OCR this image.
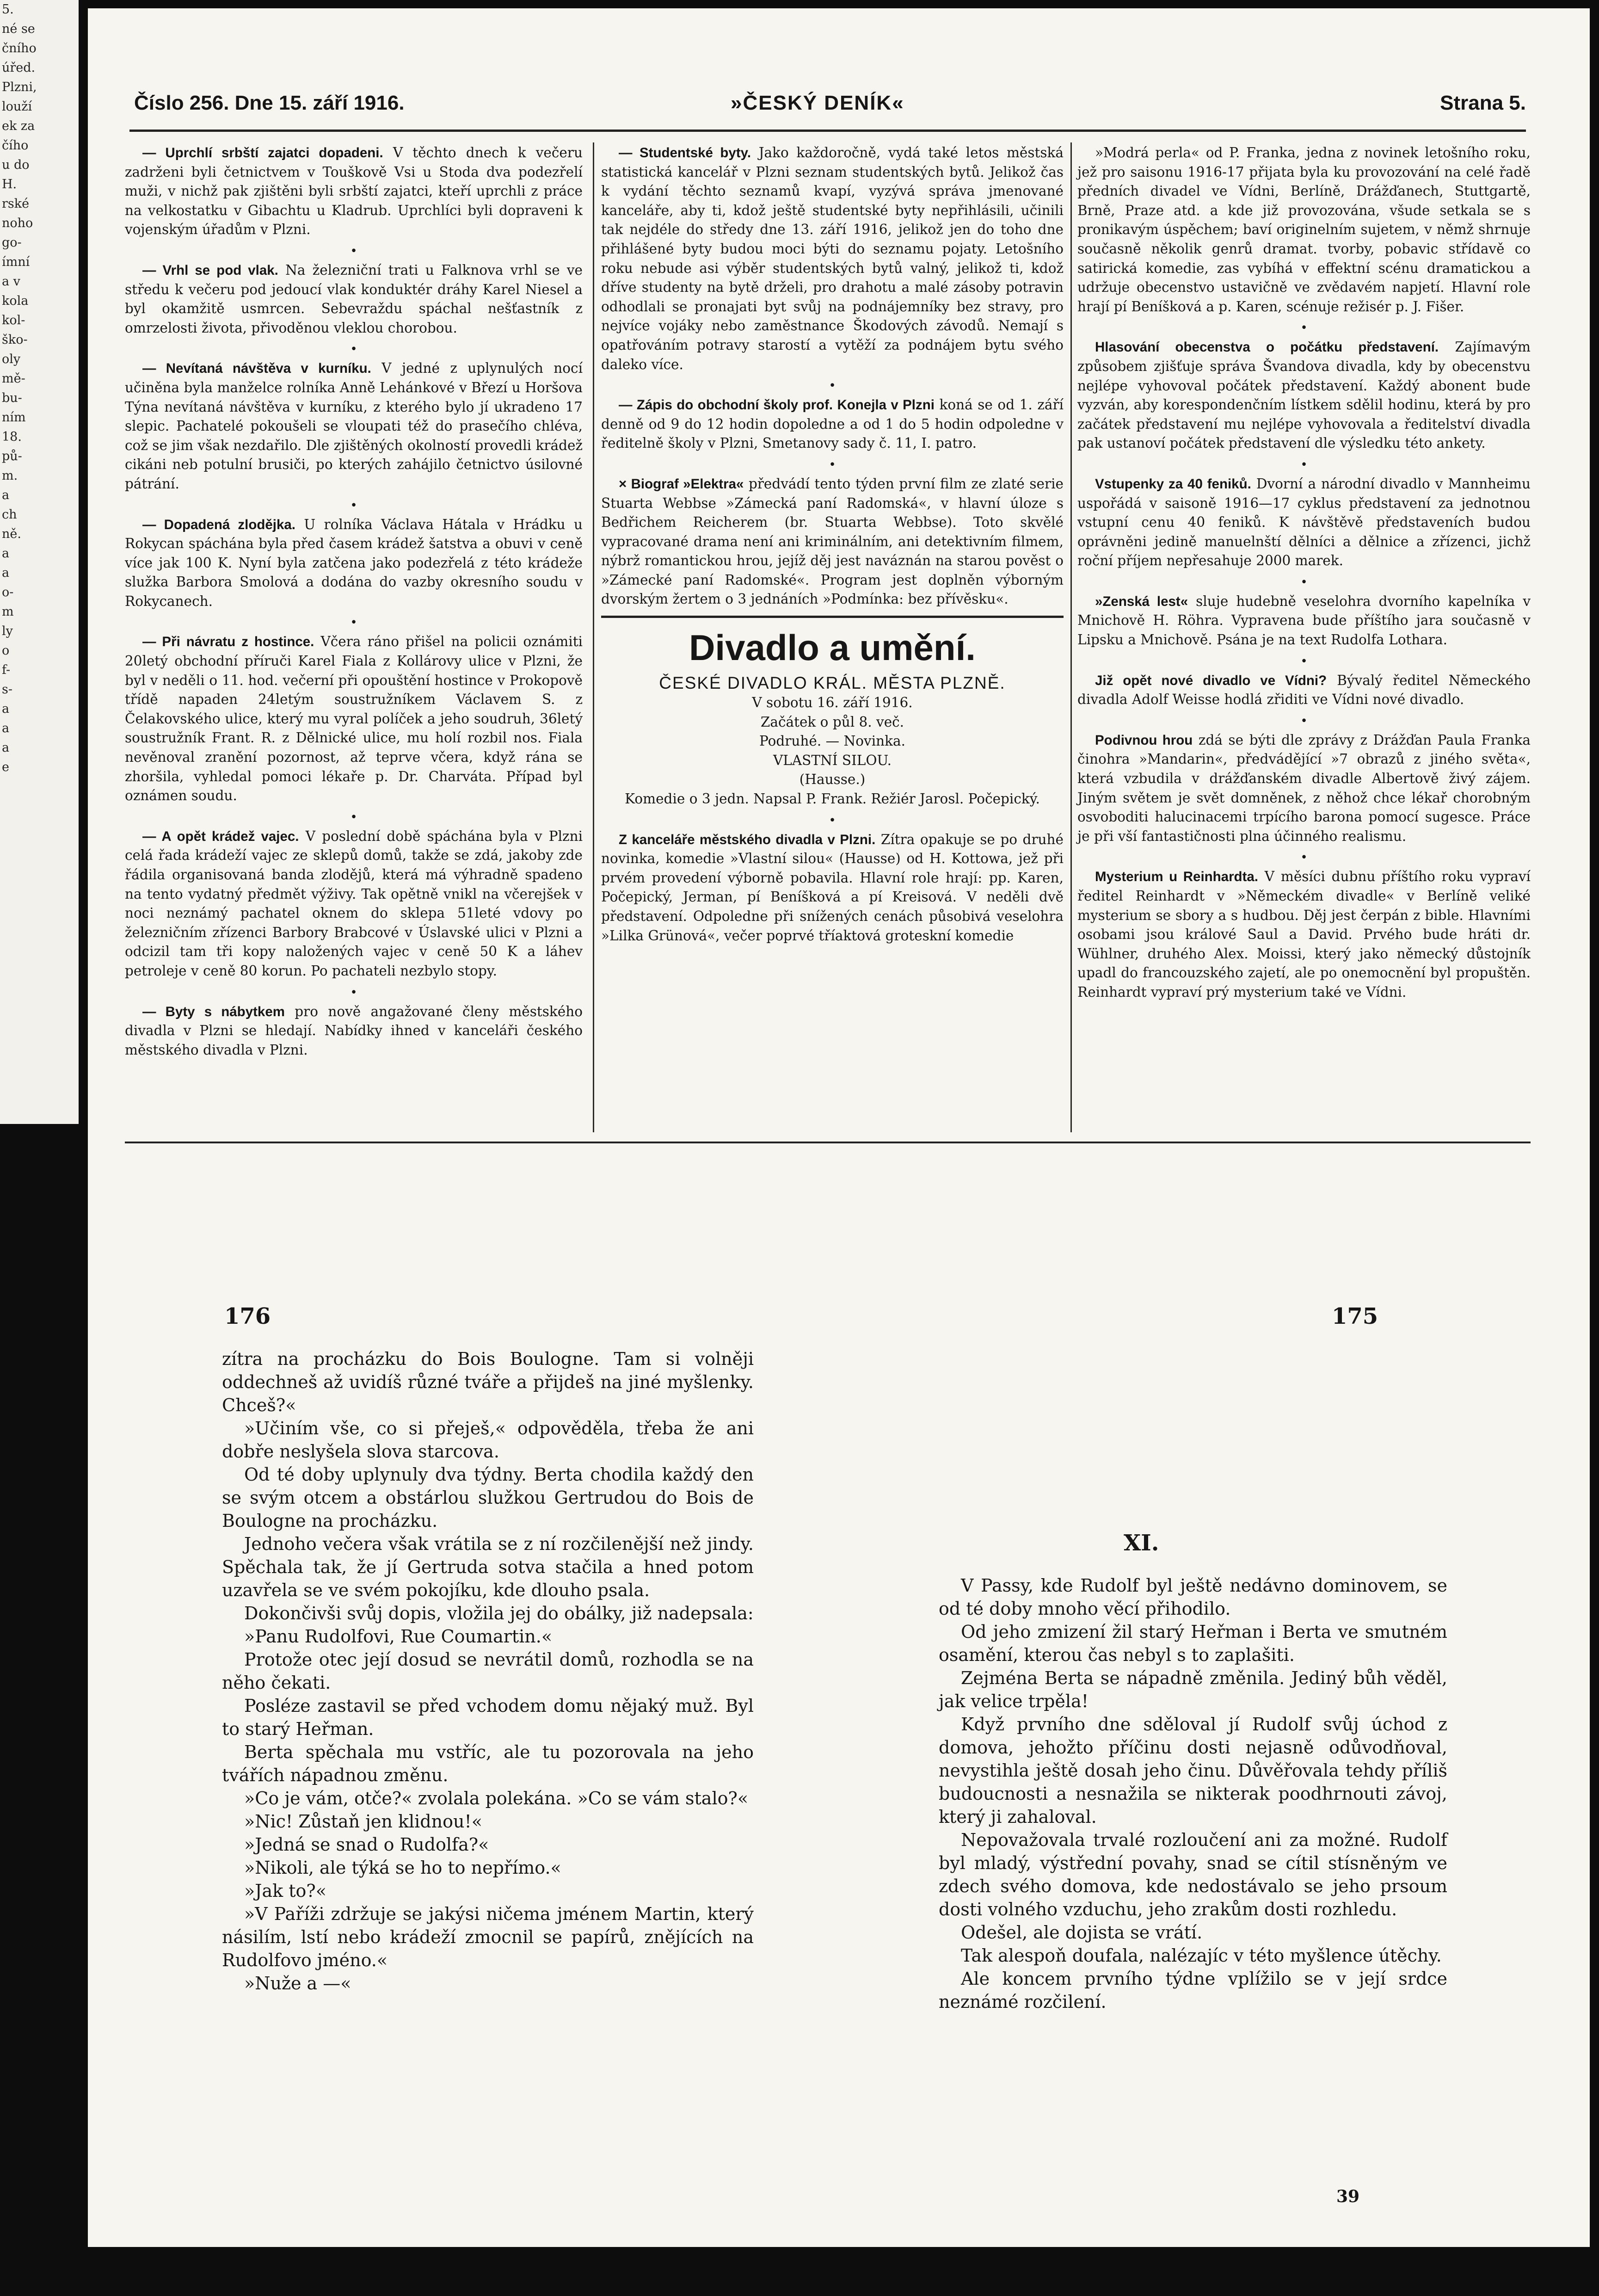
5.
né se
čního
úřed.
Plzni,
louží
ek za
čího
u do
H.
rské
noho
go-
ímní
a v
kola
kol-
ško-
oly
mě-
bu-
ním
18.
pů-
m.
a
ch
ně.
a
a
o-
m
ly
o
f-
s-
a
a
a
e
Číslo 256. Dne 15. září 1916.	»ČESKÝ DENÍK«	Strana 5.

— Uprchlí srbští zajatci dopadeni. V těchto dnech k večeru zadrženi byli četnictvem v Touškově Vsi u Stoda dva podezřelí muži, v nichž pak zjištěni byli srbští zajatci, kteří uprchli z práce na velkostatku v Gibachtu u Kladrub. Uprchlíci byli dopraveni k vojenským úřadům v Plzni.

•

— Vrhl se pod vlak. Na železniční trati u Falknova vrhl se ve středu k večeru pod jedoucí vlak konduktér dráhy Karel Niesel a byl okamžitě usmrcen. Sebevraždu spáchal nešťastník z omrzelosti života, přivoděnou vleklou chorobou.

•

— Nevítaná návštěva v kurníku. V jedné z uplynulých nocí učiněna byla manželce rolníka Anně Lehánkové v Březí u Horšova Týna nevítaná návštěva v kurníku, z kterého bylo jí ukradeno 17 slepic. Pachatelé pokoušeli se vloupati též do prasečího chléva, což se jim však nezdařilo. Dle zjištěných okolností provedli krádež cikáni neb potulní brusiči, po kterých zahájilo četnictvo úsilovné pátrání.

•

— Dopadená zlodějka. U rolníka Václava Hátala v Hrádku u Rokycan spáchána byla před časem krádež šatstva a obuvi v ceně více jak 100 K. Nyní byla zatčena jako podezřelá z této krádeže služka Barbora Smolová a dodána do vazby okresního soudu v Rokycanech.

•

— Při návratu z hostince. Včera ráno přišel na policii oznámiti 20letý obchodní příruči Karel Fiala z Kollárovy ulice v Plzni, že byl v neděli o 11. hod. večerní při opouštění hostince v Prokopově třídě napaden 24letým soustružníkem Václavem S. z Čelakovského ulice, který mu vyral políček a jeho soudruh, 36letý soustružník Frant. R. z Dělnické ulice, mu holí rozbil nos. Fiala nevěnoval zranění pozornost, až teprve včera, když rána se zhoršila, vyhledal pomoci lékaře p. Dr. Charváta. Případ byl oznámen soudu.

•

— A opět krádež vajec. V poslední době spáchána byla v Plzni celá řada krádeží vajec ze sklepů domů, takže se zdá, jakoby zde řádila organisovaná banda zlodějů, která má výhradně spadeno na tento vydatný předmět výživy. Tak opětně vnikl na včerejšek v noci neznámý pachatel oknem do sklepa 51leté vdovy po železničním zřízenci Barbory Brabcové v Úslavské ulici v Plzni a odcizil tam tři kopy naložených vajec v ceně 50 K a láhev petroleje v ceně 80 korun. Po pachateli nezbylo stopy.

•

— Byty s nábytkem pro nově angažované členy městského divadla v Plzni se hledají. Nabídky ihned v kanceláři českého městského divadla v Plzni.

— Studentské byty. Jako každoročně, vydá také letos městská statistická kancelář v Plzni seznam studentských bytů. Jelikož čas k vydání těchto seznamů kvapí, vyzývá správa jmenované kanceláře, aby ti, kdož ještě studentské byty nepřihlásili, učinili tak nejdéle do středy dne 13. září 1916, jelikož jen do toho dne přihlášené byty budou moci býti do seznamu pojaty. Letošního roku nebude asi výběr studentských bytů valný, jelikož ti, kdož dříve studenty na bytě drželi, pro drahotu a malé zásoby potravin odhodlali se pronajati byt svůj na podnájemníky bez stravy, pro nejvíce vojáky nebo zaměstnance Škodových závodů. Nemají s opatřováním potravy starostí a vytěží za podnájem bytu svého daleko více.

•

— Zápis do obchodní školy prof. Konejla v Plzni koná se od 1. září denně od 9 do 12 hodin dopoledne a od 1 do 5 hodin odpoledne v ředitelně školy v Plzni, Smetanovy sady č. 11, I. patro.

•

× Biograf »Elektra« předvádí tento týden první film ze zlaté serie Stuarta Webbse »Zámecká paní Radomská«, v hlavní úloze s Bedřichem Reicherem (br. Stuarta Webbse). Toto skvělé vypracované drama není ani kriminálním, ani detektivním filmem, nýbrž romantickou hrou, jejíž děj jest naváznán na starou pověst o »Zámecké paní Radomské«. Program jest doplněn výborným dvorským žertem o 3 jednáních »Podmínka: bez přívěsku«.

Divadlo a umění.
ČESKÉ DIVADLO KRÁL. MĚSTA PLZNĚ.
V sobotu 16. září 1916.
Začátek o půl 8. več.
Podruhé. — Novinka.
VLASTNÍ SILOU.
(Hausse.)
Komedie o 3 jedn. Napsal P. Frank. Režiér Jarosl. Počepický.
•

Z kanceláře městského divadla v Plzni. Zítra opakuje se po druhé novinka, komedie »Vlastní silou« (Hausse) od H. Kottowa, jež při prvém provedení výborně pobavila. Hlavní role hrají: pp. Karen, Počepický, Jerman, pí Beníšková a pí Kreisová. V neděli dvě představení. Odpoledne při snížených cenách působivá veselohra »Lilka Grünová«, večer poprvé tříaktová groteskní komedie

»Modrá perla« od P. Franka, jedna z novinek letošního roku, jež pro saisonu 1916-17 přijata byla ku provozování na celé řadě předních divadel ve Vídni, Berlíně, Drážďanech, Stuttgartě, Brně, Praze atd. a kde již provozována, všude setkala se s pronikavým úspěchem; baví originelním sujetem, v němž shrnuje současně několik genrů dramat. tvorby, pobavic střídavě co satirická komedie, zas vybíhá v effektní scénu dramatickou a udržuje obecenstvo ustavičně ve zvědavém napjetí. Hlavní role hrají pí Beníšková a p. Karen, scénuje režisér p. J. Fišer.

•

Hlasování obecenstva o počátku představení. Zajímavým způsobem zjišťuje správa Švandova divadla, kdy by obecenstvu nejlépe vyhovoval počátek představení. Každý abonent bude vyzván, aby korespondenčním lístkem sdělil hodinu, která by pro začátek představení mu nejlépe vyhovovala a ředitelství divadla pak ustanoví počátek představení dle výsledku této ankety.

•

Vstupenky za 40 feniků. Dvorní a národní divadlo v Mannheimu uspořádá v saisoně 1916—17 cyklus představení za jednotnou vstupní cenu 40 feniků. K návštěvě představeních budou oprávněni jedině manuelnští dělníci a dělnice a zřízenci, jichž roční příjem nepřesahuje 2000 marek.

•

»Zenská lest« sluje hudebně veselohra dvorního kapelníka v Mnichově H. Röhra. Vypravena bude příštího jara současně v Lipsku a Mnichově. Psána je na text Rudolfa Lothara.

•

Již opět nové divadlo ve Vídni? Bývalý ředitel Německého divadla Adolf Weisse hodlá zřiditi ve Vídni nové divadlo.

•

Podivnou hrou zdá se býti dle zprávy z Drážďan Paula Franka činohra »Mandarin«, předvádějící »7 obrazů z jiného světa«, která vzbudila v drážďanském divadle Albertově živý zájem. Jiným světem je svět domněnek, z něhož chce lékař chorobným osvoboditi halucinacemi trpícího barona pomocí sugesce. Práce je při vší fantastičnosti plna účinného realismu.

•

Mysterium u Reinhardta. V měsíci dubnu příštího roku vypraví ředitel Reinhardt v »Německém divadle« v Berlíně veliké mysterium se sbory a s hudbou. Děj jest čerpán z bible. Hlavními osobami jsou králové Saul a David. Prvého bude hráti dr. Wühlner, druhého Alex. Moissi, který jako německý důstojník upadl do francouzského zajetí, ale po onemocnění byl propuštěn. Reinhardt vypraví prý mysterium také ve Vídni.

176	175

zítra na procházku do Bois Boulogne. Tam si volněji oddechneš až uvidíš různé tváře a přijdeš na jiné myšlenky. Chceš?«

»Učiním vše, co si přeješ,« odpověděla, třeba že ani dobře neslyšela slova starcova.

Od té doby uplynuly dva týdny. Berta chodila každý den se svým otcem a obstárlou služkou Gertrudou do Bois de Boulogne na procházku.

Jednoho večera však vrátila se z ní rozčilenější než jindy. Spěchala tak, že jí Gertruda sotva stačila a hned potom uzavřela se ve svém pokojíku, kde dlouho psala.

Dokončivši svůj dopis, vložila jej do obálky, již nadepsala:

»Panu Rudolfovi, Rue Coumartin.«

Protože otec její dosud se nevrátil domů, rozhodla se na něho čekati.

Posléze zastavil se před vchodem domu nějaký muž. Byl to starý Heřman.

Berta spěchala mu vstříc, ale tu pozorovala na jeho tvářích nápadnou změnu.

»Co je vám, otče?« zvolala polekána. »Co se vám stalo?«

»Nic! Zůstaň jen klidnou!«

»Jedná se snad o Rudolfa?«

»Nikoli, ale týká se ho to nepřímo.«

»Jak to?«

»V Paříži zdržuje se jakýsi ničema jménem Martin, který násilím, lstí nebo krádeží zmocnil se papírů, znějících na Rudolfovo jméno.«

»Nuže a —«

XI.

V Passy, kde Rudolf byl ještě nedávno dominovem, se od té doby mnoho věcí přihodilo.

Od jeho zmizení žil starý Heřman i Berta ve smutném osamění, kterou čas nebyl s to zaplašiti.

Zejména Berta se nápadně změnila. Jediný bůh věděl, jak velice trpěla!

Když prvního dne sděloval jí Rudolf svůj úchod z domova, jehožto příčinu dosti nejasně odůvodňoval, nevystihla ještě dosah jeho činu. Důvěřovala tehdy příliš budoucnosti a nesnažila se nikterak poodhrnouti závoj, který ji zahaloval.

Nepovažovala trvalé rozloučení ani za možné. Rudolf byl mladý, výstřední povahy, snad se cítil stísněným ve zdech svého domova, kde nedostávalo se jeho prsoum dosti volného vzduchu, jeho zrakům dosti rozhledu.

Odešel, ale dojista se vrátí.

Tak alespoň doufala, nalézajíc v této myšlence útěchy.

Ale koncem prvního týdne vplížilo se v její srdce neznámé rozčilení.

39
